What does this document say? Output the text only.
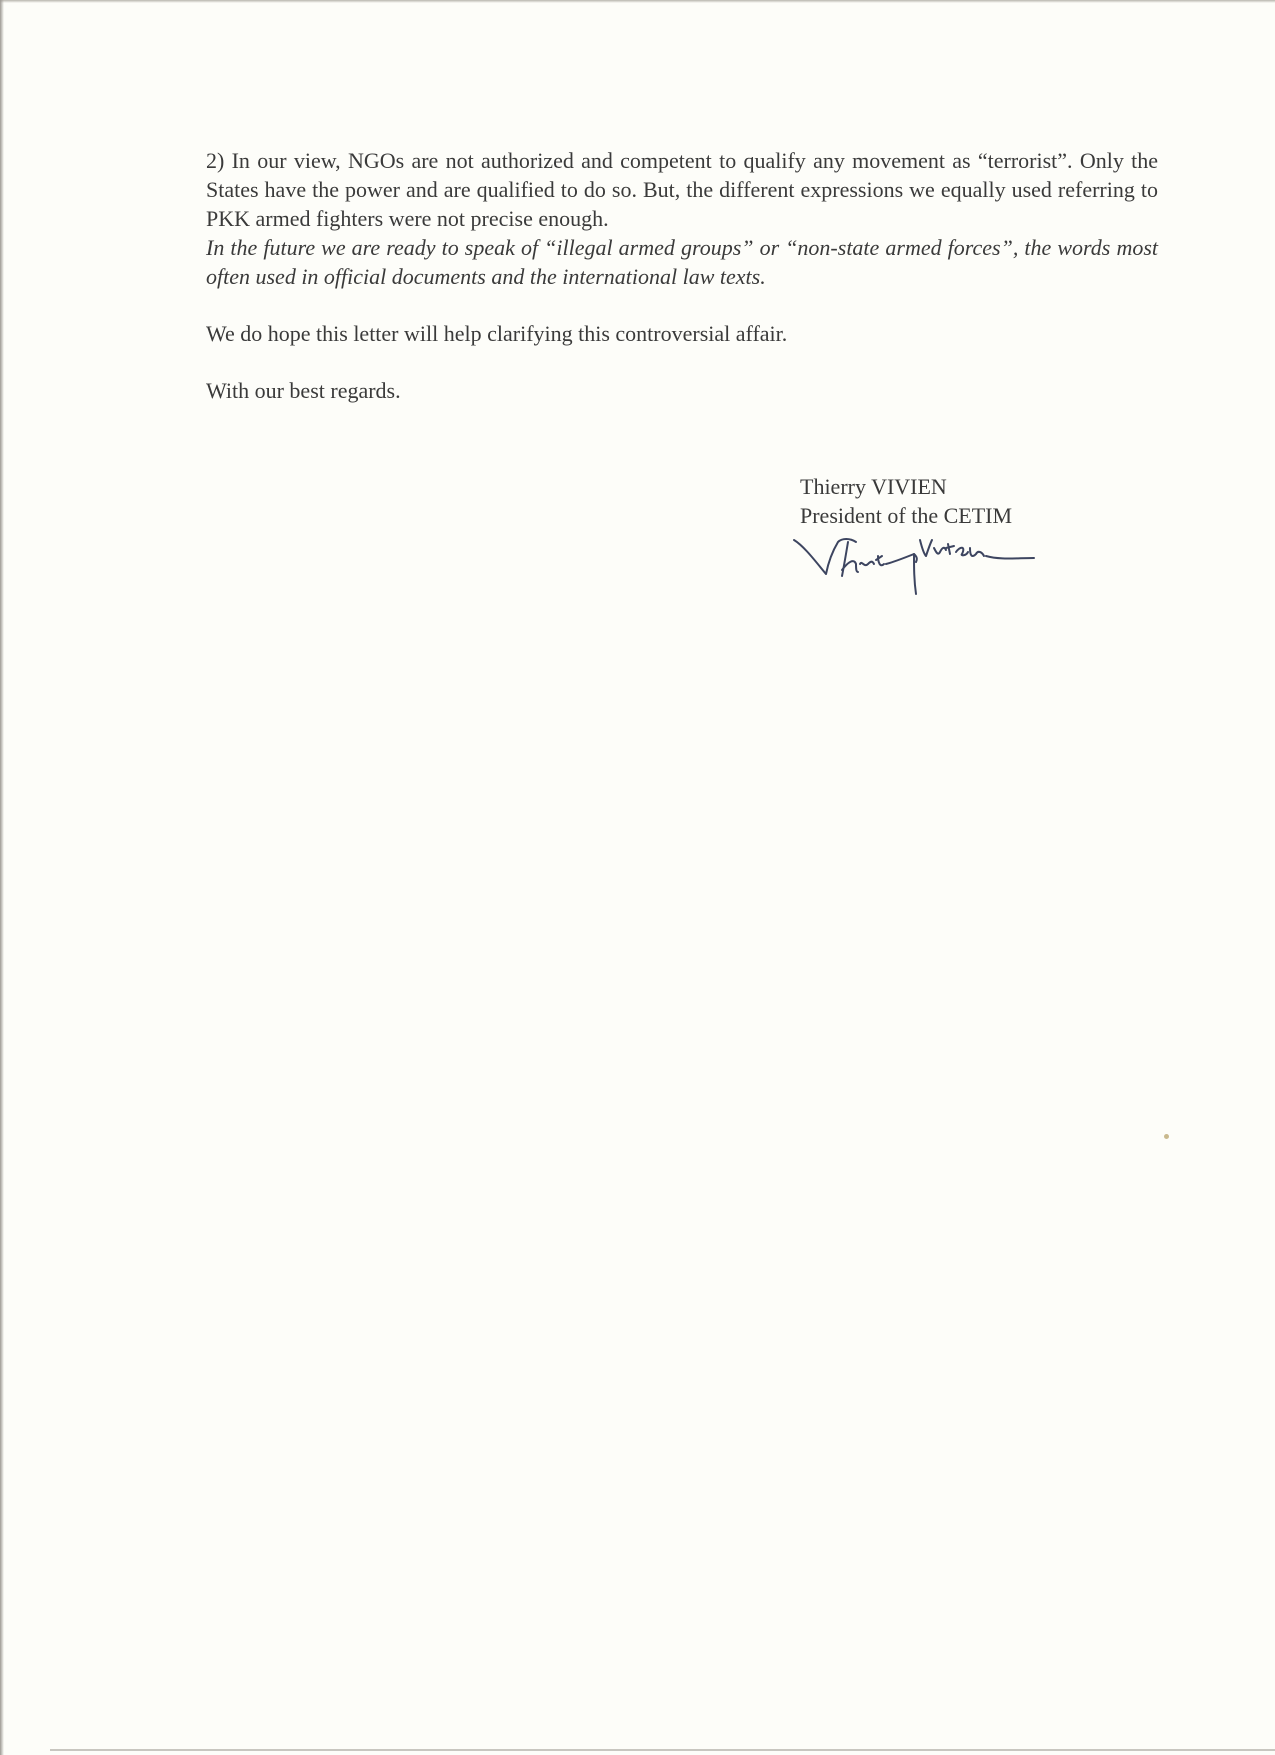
2) In our view, NGOs are not authorized and competent to qualify any movement as “terrorist”. Only the States have the power and are qualified to do so. But, the different expressions we equally used referring to PKK armed fighters were not precise enough.

In the future we are ready to speak of “illegal armed groups” or “non-state armed forces”, the words most often used in official documents and the international law texts.

We do hope this letter will help clarifying this controversial affair.

With our best regards.

Thierry VIVIEN
President of the CETIM
